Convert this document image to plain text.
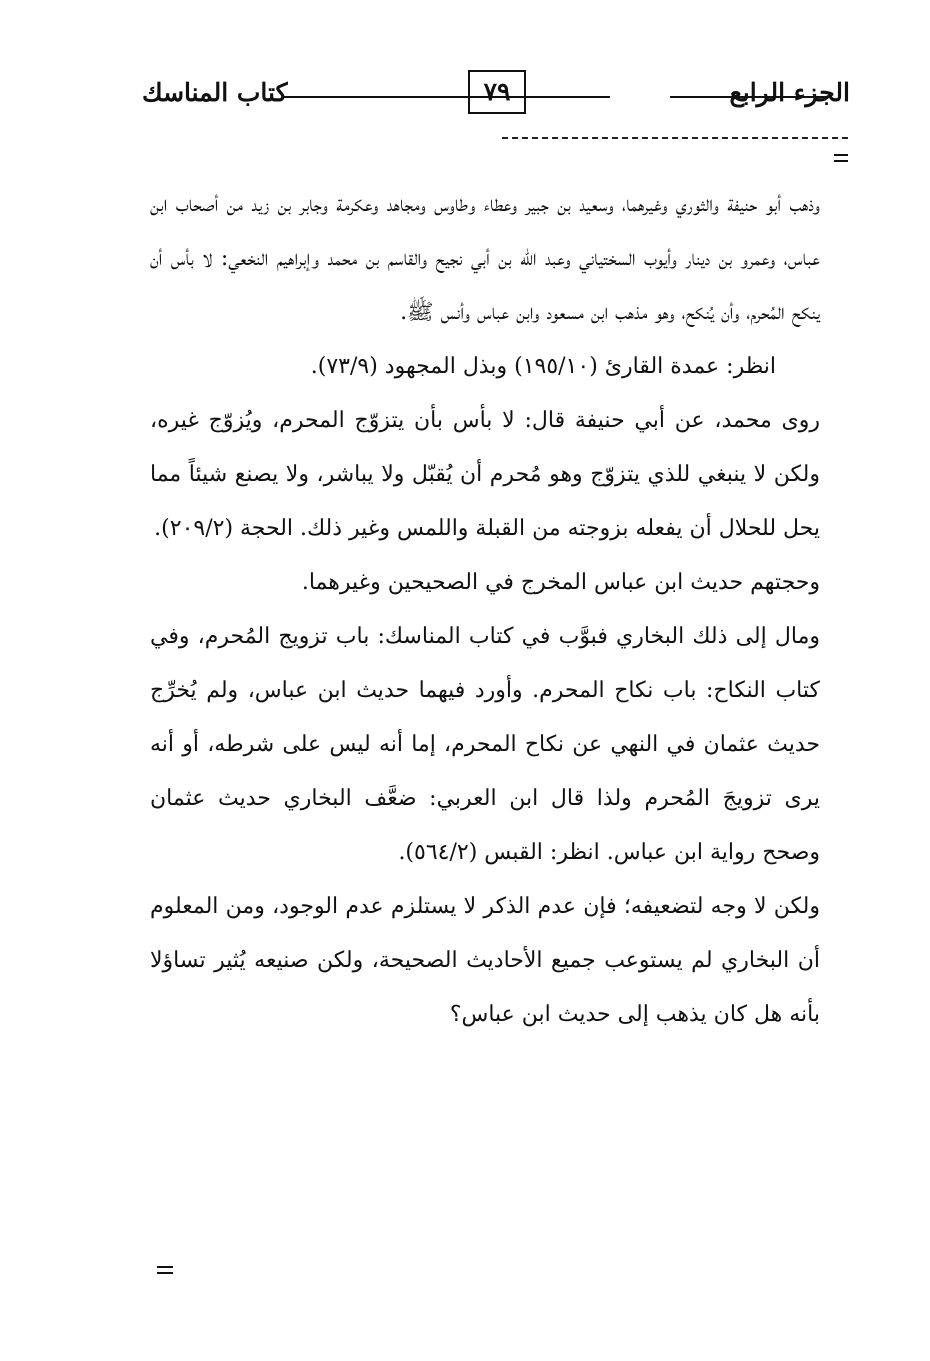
الجزء الرابع
٧٩
كتاب المناسك

وذهب أبو حنيفة والثوري وغيرهما، وسعيد بن جبير وعطاء وطاوس ومجاهد وعكرمة وجابر بن زيد من أصحاب ابن عباس، وعمرو بن دينار وأيوب السختياني وعبد الله بن أبي نجيح والقاسم بن محمد وإبراهيم النخعي: لا بأس أن ينكح المُحرم، وأن يُنكح، وهو مذهب ابن مسعود وابن عباس وأنس ﷺ.

انظر: عمدة القارئ (١٩٥/١٠) وبذل المجهود (٧٣/٩).

روى محمد، عن أبي حنيفة قال: لا بأس بأن يتزوّج المحرم، ويُزوّج غيره، ولكن لا ينبغي للذي يتزوّج وهو مُحرم أن يُقبّل ولا يباشر، ولا يصنع شيئاً مما يحل للحلال أن يفعله بزوجته من القبلة واللمس وغير ذلك. الحجة (٢٠٩/٢).

وحجتهم حديث ابن عباس المخرج في الصحيحين وغيرهما.

ومال إلى ذلك البخاري فبوَّب في كتاب المناسك: باب تزويج المُحرم، وفي كتاب النكاح: باب نكاح المحرم. وأورد فيهما حديث ابن عباس، ولم يُخرِّج حديث عثمان في النهي عن نكاح المحرم، إما أنه ليس على شرطه، أو أنه يرى تزويجَ المُحرم ولذا قال ابن العربي: ضعَّف البخاري حديث عثمان وصحح رواية ابن عباس. انظر: القبس (٥٦٤/٢).

ولكن لا وجه لتضعيفه؛ فإن عدم الذكر لا يستلزم عدم الوجود، ومن المعلوم أن البخاري لم يستوعب جميع الأحاديث الصحيحة، ولكن صنيعه يُثير تساؤلا بأنه هل كان يذهب إلى حديث ابن عباس؟
